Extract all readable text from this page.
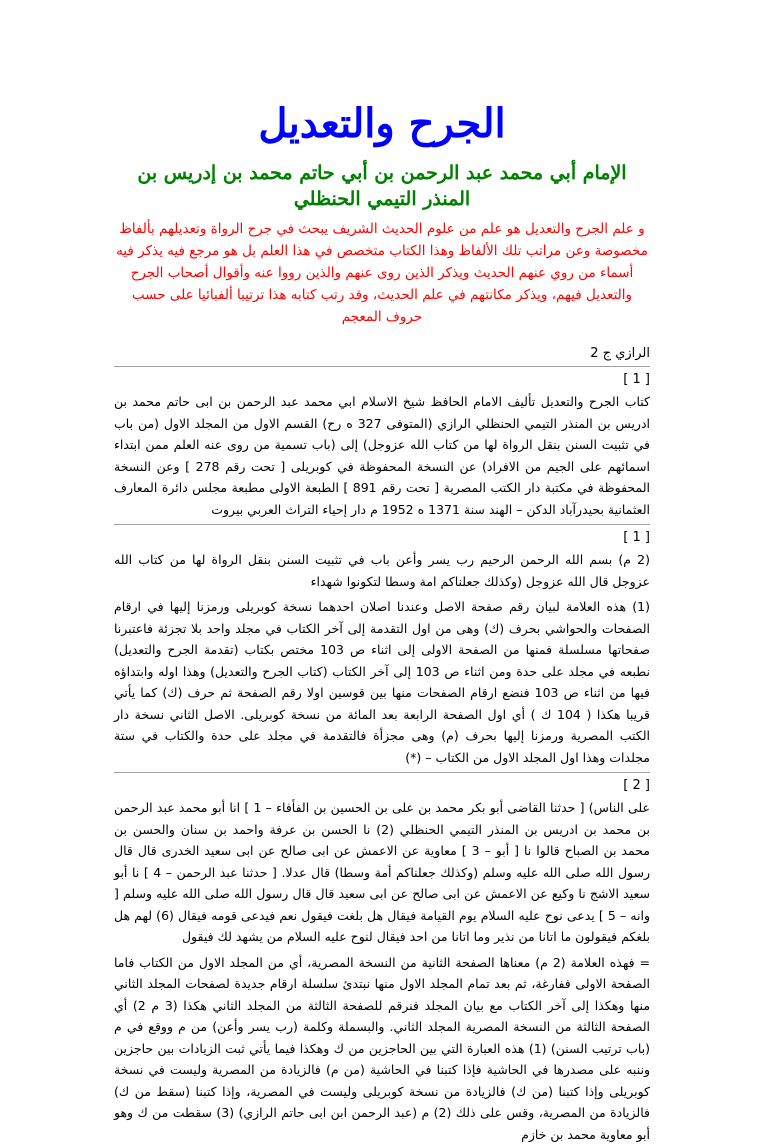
الجرح والتعديل
الإمام أبي محمد عبد الرحمن بن أبي حاتم محمد بن إدريس بن المنذر التيمي الحنظلي
و علم الجرح والتعديل هو علم من علوم الحديث الشريف يبحث في جرح الرواة وتعديلهم بألفاظ مخصوصة وعن مراتب تلك الألفاظ وهذا الكتاب متخصص في هذا العلم بل هو مرجع فيه يذكر فيه أسماء من روي عنهم الحديث ويذكر الذين روى عنهم والذين رووا عنه وأقوال أصحاب الجرح والتعديل فيهم، ويذكر مكانتهم في علم الحديث، وقد رتب كتابه هذا ترتيبا ألفبائيا على حسب حروف المعجم
الرازي ج 2
[ 1 ]

كتاب الجرح والتعديل تأليف الامام الحافظ شيخ الاسلام ابي محمد عبد الرحمن بن ابى حاتم محمد بن ادريس بن المنذر التيمي الحنظلي الرازي (المتوفى 327 ه رح) القسم الاول من المجلد الاول (من باب في تثبيت السنن بنقل الرواة لها من كتاب الله عزوجل) إلى (باب تسمية من روى عنه العلم ممن ابتداء اسمائهم على الجيم من الافراد) عن النسخة المحفوظة في كوبريلى [ تحت رقم 278 ] وعن النسخة المحفوظة في مكتبة دار الكتب المصرية [ تحت رقم 891 ] الطبعة الاولى مطبعة مجلس دائرة المعارف العثمانية بحيدرآباد الدكن – الهند سنة 1371 ه 1952 م دار إحياء التراث العربي بيروت

[ 1 ]

(2 م) بسم الله الرحمن الرحيم رب يسر وأعن باب في تثبيت السنن بنقل الرواة لها من كتاب الله عزوجل قال الله عزوجل (وكذلك جعلناكم امة وسطا لتكونوا شهداء

(1) هذه العلامة لبيان رقم صفحة الاصل وعندنا اصلان احدهما نسخة كوبريلى ورمزنا إليها في ارقام الصفحات والحواشي بحرف (ك) وهى من اول التقدمة إلى آخر الكتاب في مجلد واحد بلا تجزئة فاعتبرنا صفحاتها مسلسلة فمنها من الصفحة الاولى إلى اثناء ص 103 مختص بكتاب (تقدمة الجرح والتعديل) نطبعه في مجلد على حدة ومن اثناء ص 103 إلى آخر الكتاب (كتاب الجرح والتعديل) وهذا اوله وابتداؤه فيها من اثناء ص 103 فنضع ارقام الصفحات منها بين قوسين اولا رقم الصفحة ثم حرف (ك) كما يأتي قريبا هكذا ( 104 ك ) أي اول الصفحة الرابعة بعد المائة من نسخة كوبريلى. الاصل الثاني نسخة دار الكتب المصرية ورمزنا إليها بحرف (م) وهى مجزأة فالتقدمة في مجلد على حدة والكتاب في ستة مجلدات وهذا اول المجلد الاول من الكتاب – (*)

[ 2 ]

على الناس) [ حدثنا القاضى أبو بكر محمد بن على بن الحسين بن الفأفاء – 1 ] انا أبو محمد عبد الرحمن بن محمد بن ادريس بن المنذر التيمي الحنظلي (2) نا الحسن بن عرفة واحمد بن سنان والحسن بن محمد بن الصباح قالوا نا [ أبو – 3 ] معاوية عن الاعمش عن ابى صالح عن ابى سعيد الخدرى قال قال رسول الله صلى الله عليه وسلم (وكذلك جعلناكم أمة وسطا) قال عدلا. [ حدثنا عبد الرحمن – 4 ] نا أبو سعيد الاشج نا وكيع عن الاعمش عن ابى صالح عن ابى سعيد قال قال رسول الله صلى الله عليه وسلم [ وانه – 5 ] يدعى نوح عليه السلام يوم القيامة فيقال هل بلغت فيقول نعم فيدعى قومه فيقال (6) لهم هل بلغكم فيقولون ما اتانا من نذير وما اتانا من احد فيقال لنوح عليه السلام من يشهد لك فيقول

= فهذه العلامة (2 م) معناها الصفحة الثانية من النسخة المصرية، أي من المجلد الاول من الكتاب فاما الصفحة الاولى ففارغة، ثم بعد تمام المجلد الاول منها نبتدئ سلسلة ارقام جديدة لصفحات المجلد الثاني منها وهكذا إلى آخر الكتاب مع بيان المجلد فنرقم للصفحة الثالثة من المجلد الثاني هكذا (3 م 2) أي الصفحة الثالثة من النسخة المصرية المجلد الثاني. والبسملة وكلمة (رب يسر وأعن) من م ووقع في م (باب ترتيب السنن) (1) هذه العبارة التي بين الحاجزين من ك وهكذا فيما يأتي ثبت الزيادات بين حاجزين وننبه على مصدرها في الحاشية فإذا كتبنا في الحاشية (من م) فالزيادة من المصرية وليست في نسخة كوبريلى وإذا كتبنا (من ك) فالزيادة من نسخة كوبريلى وليست في المصرية، وإذا كتبنا (سقط من ك) فالزيادة من المصرية، وقس على ذلك (2) م (عبد الرحمن ابن ابى حاتم الرازي) (3) سقطت من ك وهو أبو معاوية محمد بن خازم
